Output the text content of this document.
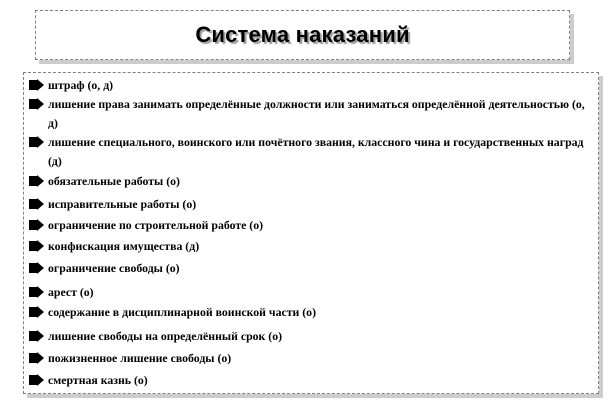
Система наказаний
штраф (о, д)
лишение права занимать определённые должности или заниматься определённой деятельностью (о, д)
лишение специального, воинского или почётного звания, классного чина и государственных наград (д)
обязательные работы (о)
исправительные работы (о)
ограничение по строительной работе (о)
конфискация имущества (д)
ограничение свободы (о)
арест (о)
содержание в дисциплинарной воинской части (о)
лишение свободы на определённый срок (о)
пожизненное лишение свободы (о)
смертная казнь (о)
